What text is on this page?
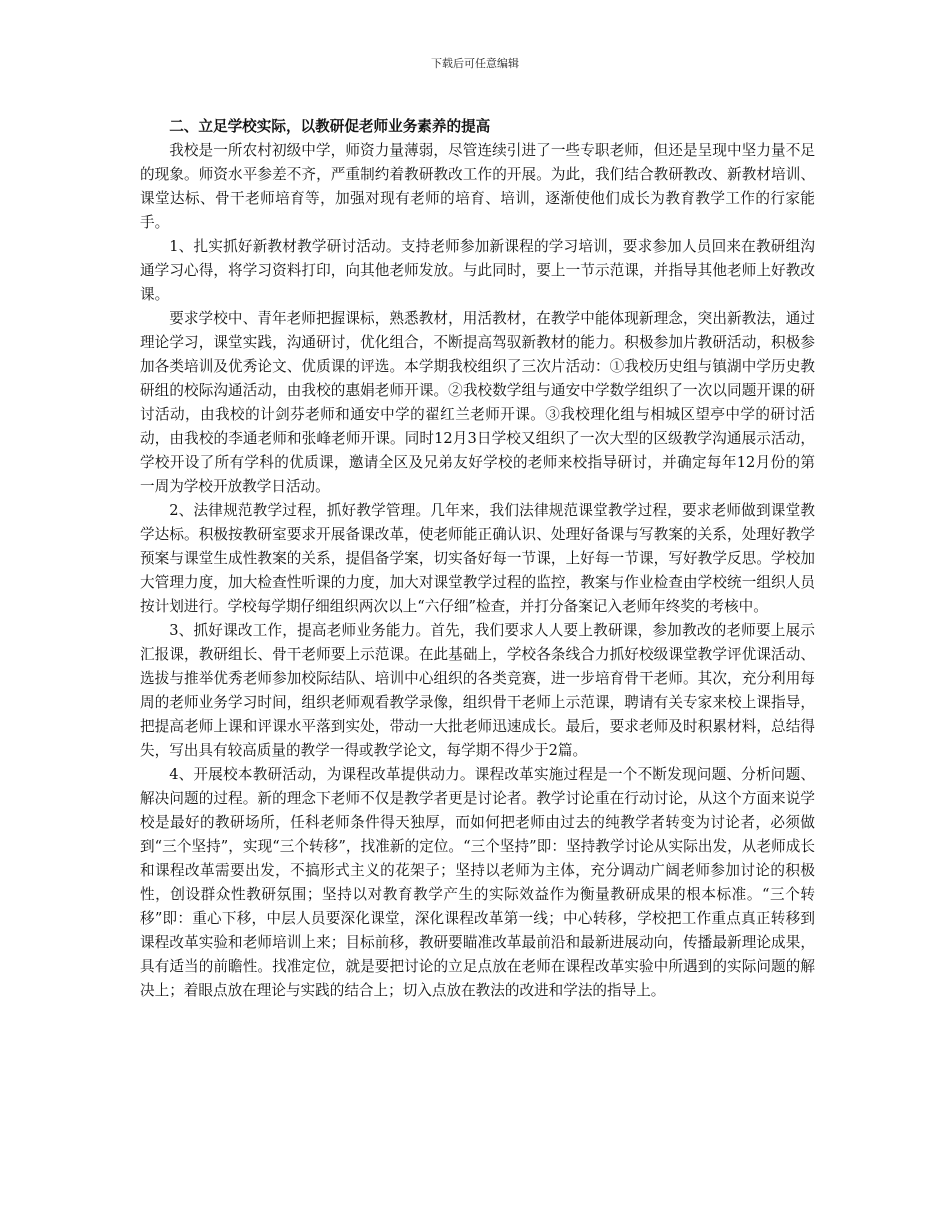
下载后可任意编辑

二、立足学校实际，以教研促老师业务素养的提高

我校是一所农村初级中学，师资力量薄弱，尽管连续引进了一些专职老师，但还是呈现中坚力量不足的现象。师资水平参差不齐，严重制约着教研教改工作的开展。为此，我们结合教研教改、新教材培训、课堂达标、骨干老师培育等，加强对现有老师的培育、培训，逐渐使他们成长为教育教学工作的行家能手。

1、扎实抓好新教材教学研讨活动。支持老师参加新课程的学习培训，要求参加人员回来在教研组沟通学习心得，将学习资料打印，向其他老师发放。与此同时，要上一节示范课，并指导其他老师上好教改课。

要求学校中、青年老师把握课标，熟悉教材，用活教材，在教学中能体现新理念，突出新教法，通过理论学习，课堂实践，沟通研讨，优化组合，不断提高驾驭新教材的能力。积极参加片教研活动，积极参加各类培训及优秀论文、优质课的评选。本学期我校组织了三次片活动：①我校历史组与镇湖中学历史教研组的校际沟通活动，由我校的惠娟老师开课。②我校数学组与通安中学数学组织了一次以同题开课的研讨活动，由我校的计剑芬老师和通安中学的翟红兰老师开课。③我校理化组与相城区望亭中学的研讨活动，由我校的李通老师和张峰老师开课。同时12月3日学校又组织了一次大型的区级教学沟通展示活动，学校开设了所有学科的优质课，邀请全区及兄弟友好学校的老师来校指导研讨，并确定每年12月份的第一周为学校开放教学日活动。

2、法律规范教学过程，抓好教学管理。几年来，我们法律规范课堂教学过程，要求老师做到课堂教学达标。积极按教研室要求开展备课改革，使老师能正确认识、处理好备课与写教案的关系，处理好教学预案与课堂生成性教案的关系，提倡备学案，切实备好每一节课，上好每一节课，写好教学反思。学校加大管理力度，加大检查性听课的力度，加大对课堂教学过程的监控，教案与作业检查由学校统一组织人员按计划进行。学校每学期仔细组织两次以上“六仔细”检查，并打分备案记入老师年终奖的考核中。

3、抓好课改工作，提高老师业务能力。首先，我们要求人人要上教研课，参加教改的老师要上展示汇报课，教研组长、骨干老师要上示范课。在此基础上，学校各条线合力抓好校级课堂教学评优课活动、选拔与推举优秀老师参加校际结队、培训中心组织的各类竞赛，进一步培育骨干老师。其次，充分利用每周的老师业务学习时间，组织老师观看教学录像，组织骨干老师上示范课，聘请有关专家来校上课指导，把提高老师上课和评课水平落到实处，带动一大批老师迅速成长。最后，要求老师及时积累材料，总结得失，写出具有较高质量的教学一得或教学论文，每学期不得少于2篇。

4、开展校本教研活动，为课程改革提供动力。课程改革实施过程是一个不断发现问题、分析问题、解决问题的过程。新的理念下老师不仅是教学者更是讨论者。教学讨论重在行动讨论，从这个方面来说学校是最好的教研场所，任科老师条件得天独厚，而如何把老师由过去的纯教学者转变为讨论者，必须做到“三个坚持”，实现“三个转移”，找准新的定位。“三个坚持”即：坚持教学讨论从实际出发，从老师成长和课程改革需要出发，不搞形式主义的花架子；坚持以老师为主体，充分调动广阔老师参加讨论的积极性，创设群众性教研氛围；坚持以对教育教学产生的实际效益作为衡量教研成果的根本标准。“三个转移”即：重心下移，中层人员要深化课堂，深化课程改革第一线；中心转移，学校把工作重点真正转移到课程改革实验和老师培训上来；目标前移，教研要瞄准改革最前沿和最新进展动向，传播最新理论成果，具有适当的前瞻性。找准定位，就是要把讨论的立足点放在老师在课程改革实验中所遇到的实际问题的解决上；着眼点放在理论与实践的结合上；切入点放在教法的改进和学法的指导上。
